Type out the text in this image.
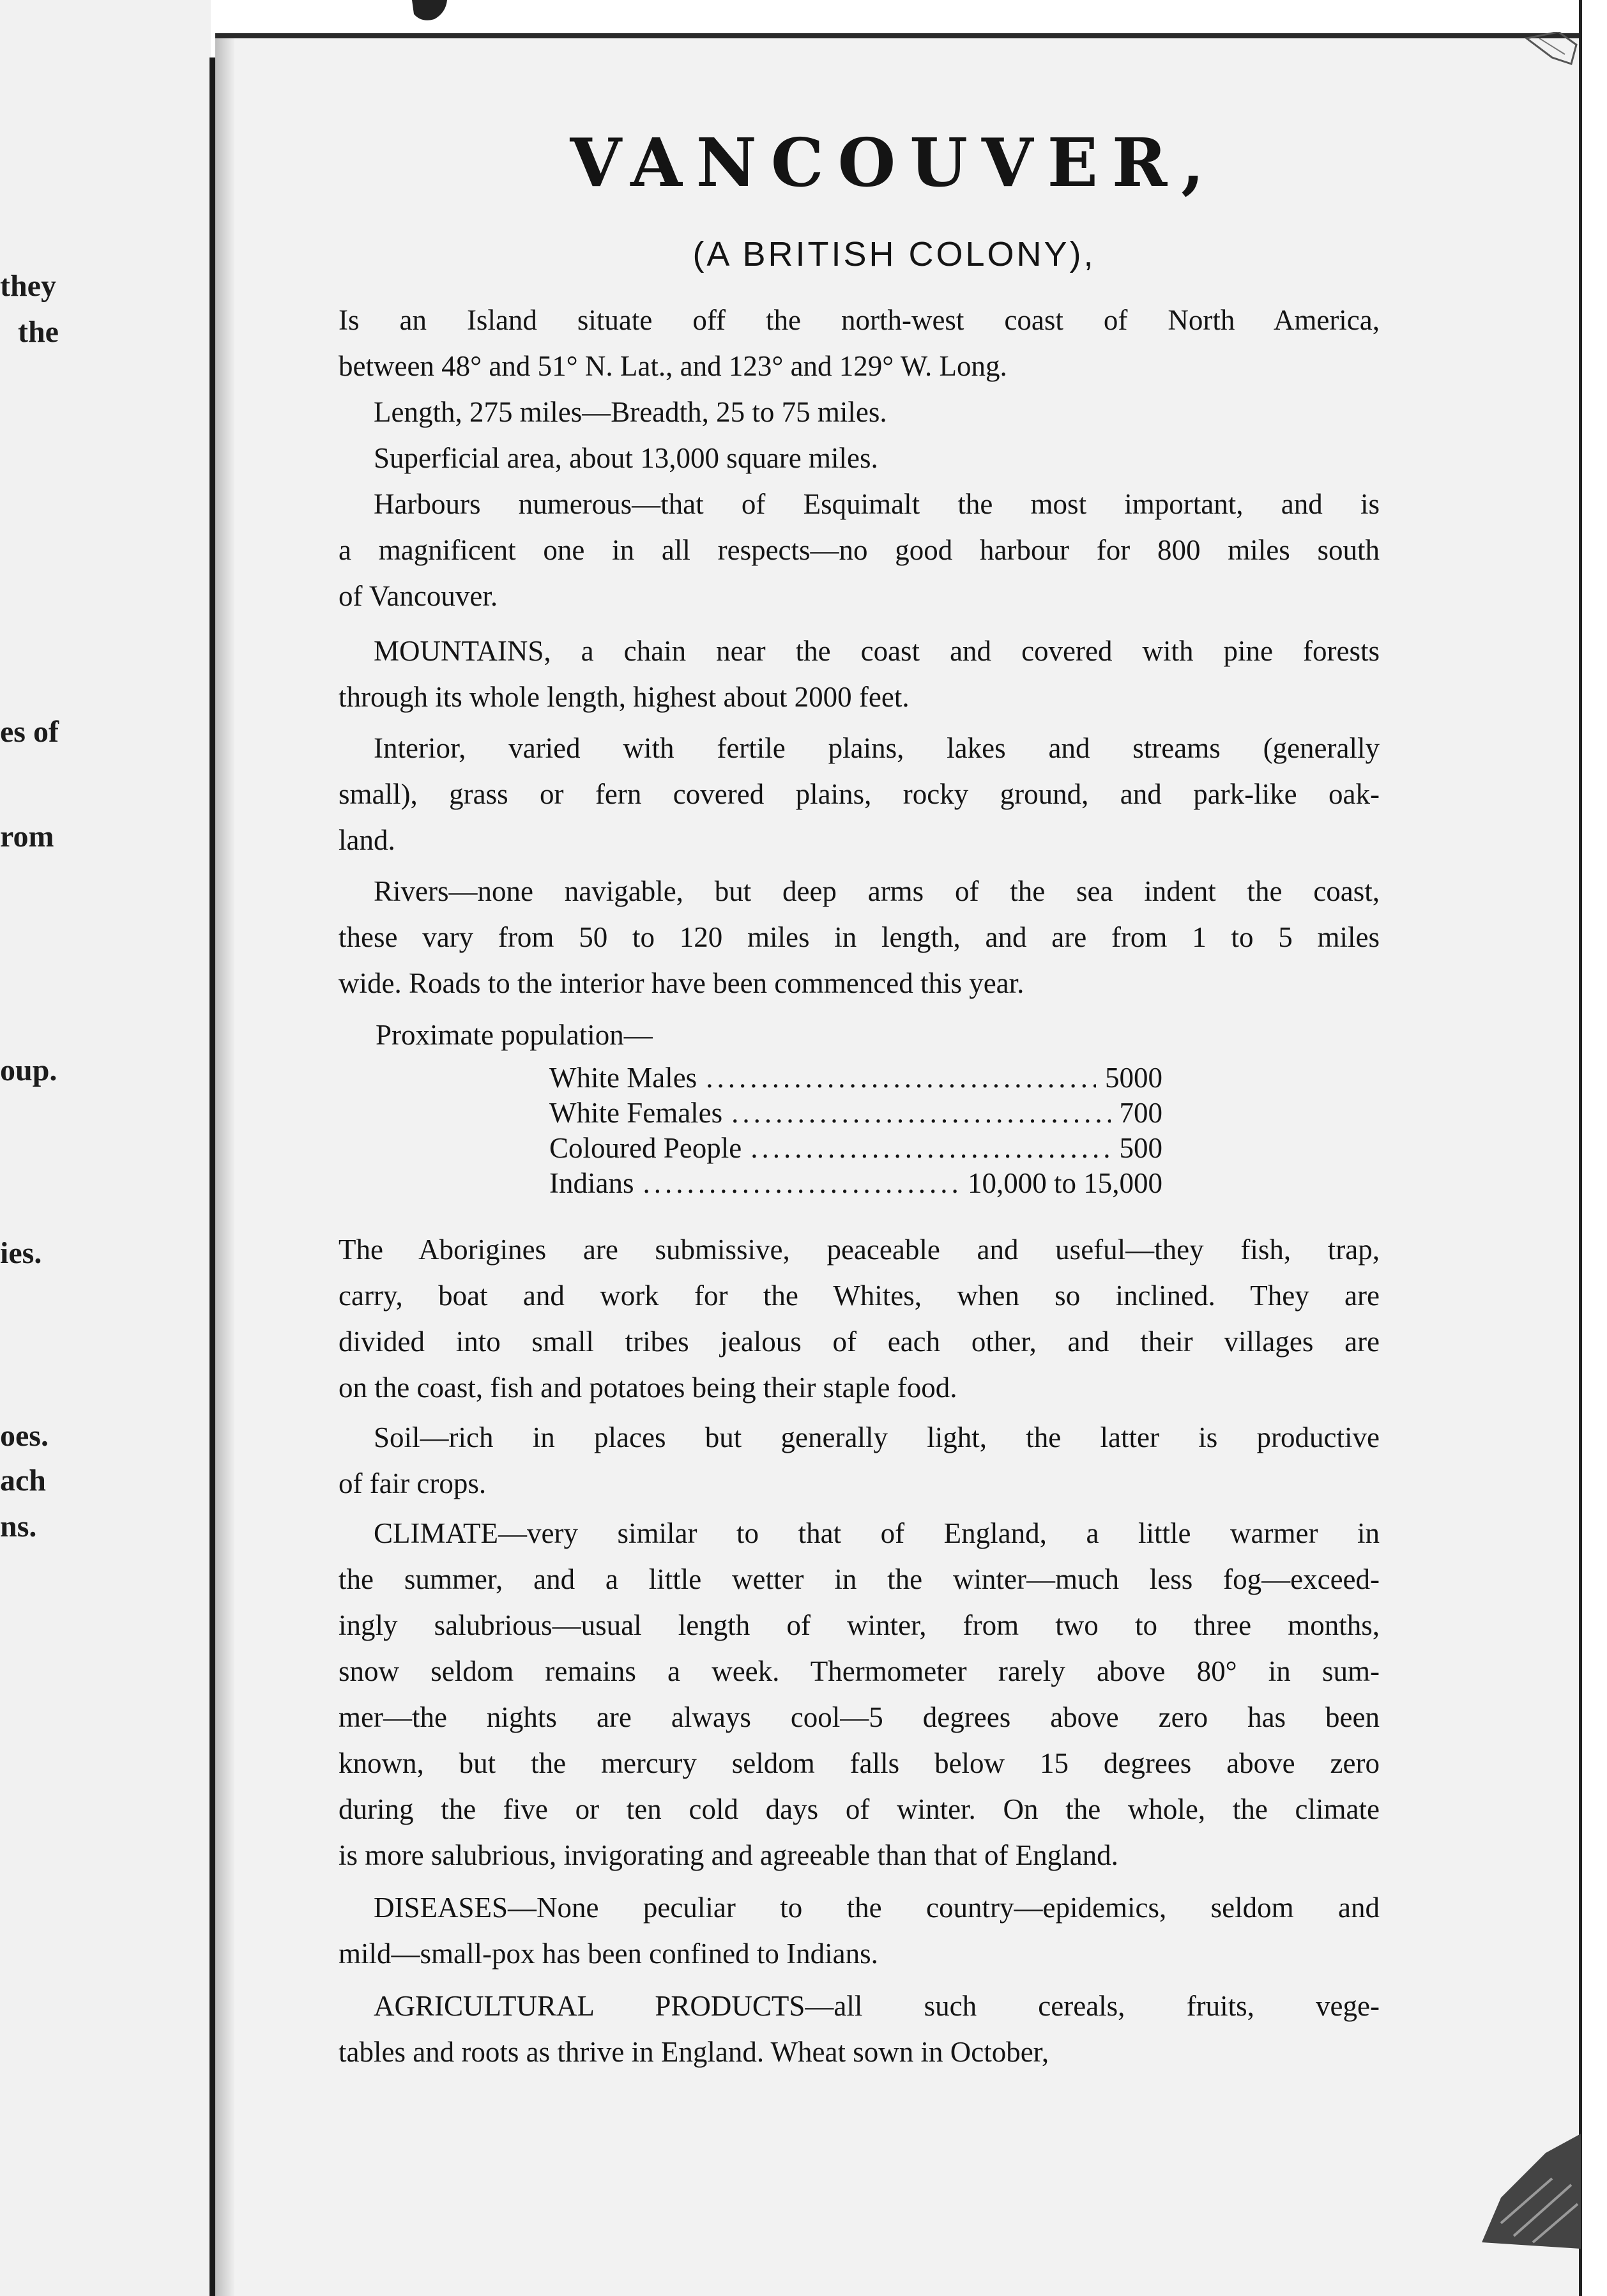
they
the
es of
rom
oup.
ies.
oes.
ach
ns.
VANCOUVER,
(A BRITISH COLONY),
Is an Island situate off the north-west coast of North America,
between 48° and 51° N. Lat., and 123° and 129° W. Long.
Length, 275 miles—Breadth, 25 to 75 miles.
Superficial area, about 13,000 square miles.
Harbours numerous—that of Esquimalt the most important, and is
a magnificent one in all respects—no good harbour for 800 miles south
of Vancouver.
MOUNTAINS, a chain near the coast and covered with pine forests
through its whole length, highest about 2000 feet.
Interior, varied with fertile plains, lakes and streams (generally
small), grass or fern covered plains, rocky ground, and park-like oak-
land.
Rivers—none navigable, but deep arms of the sea indent the coast,
these vary from 50 to 120 miles in length, and are from 1 to 5 miles
wide. Roads to the interior have been commenced this year.
Proximate population—
White Males .....	5000
White Females .....	700
Coloured People .....	500
Indians .....	10,000 to 15,000
The Aborigines are submissive, peaceable and useful—they fish, trap,
carry, boat and work for the Whites, when so inclined. They are
divided into small tribes jealous of each other, and their villages are
on the coast, fish and potatoes being their staple food.
Soil—rich in places but generally light, the latter is productive
of fair crops.
CLIMATE—very similar to that of England, a little warmer in
the summer, and a little wetter in the winter—much less fog—exceed-
ingly salubrious—usual length of winter, from two to three months,
snow seldom remains a week. Thermometer rarely above 80° in sum-
mer—the nights are always cool—5 degrees above zero has been
known, but the mercury seldom falls below 15 degrees above zero
during the five or ten cold days of winter. On the whole, the climate
is more salubrious, invigorating and agreeable than that of England.
DISEASES—None peculiar to the country—epidemics, seldom and
mild—small-pox has been confined to Indians.
AGRICULTURAL PRODUCTS—all such cereals, fruits, vege-
tables and roots as thrive in England. Wheat sown in October,
